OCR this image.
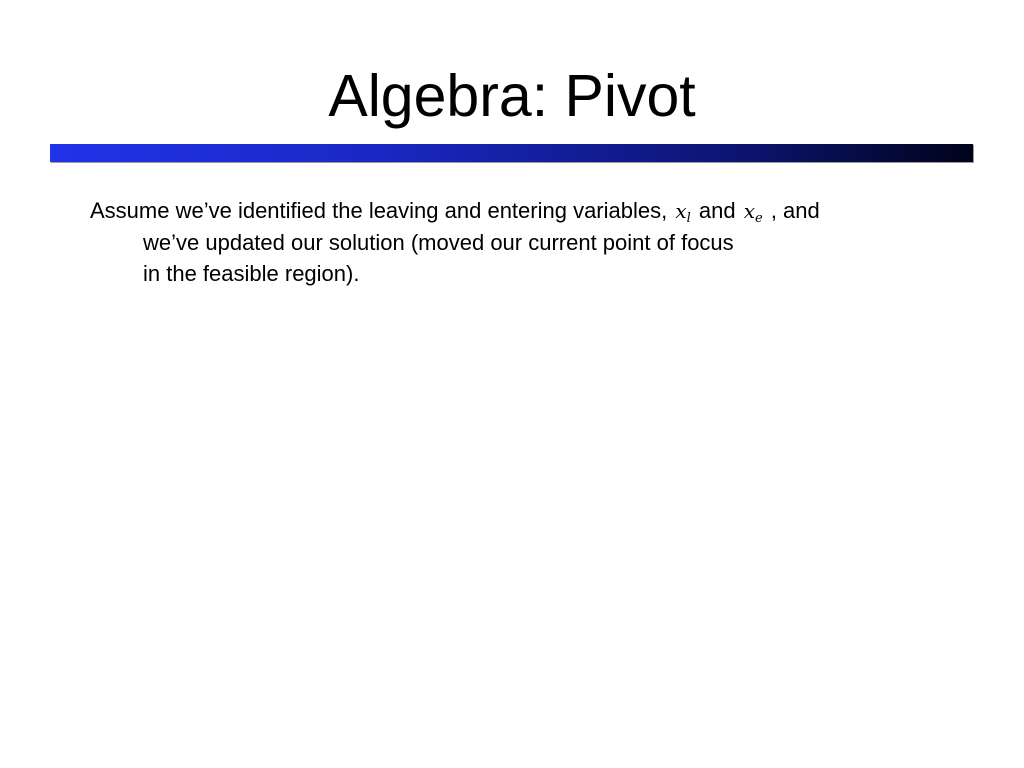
Algebra: Pivot
Assume we’ve identified the leaving and entering variables, $x_l$ and $x_e$ , and
we’ve updated our solution (moved our current point of focus
in the feasible region).
